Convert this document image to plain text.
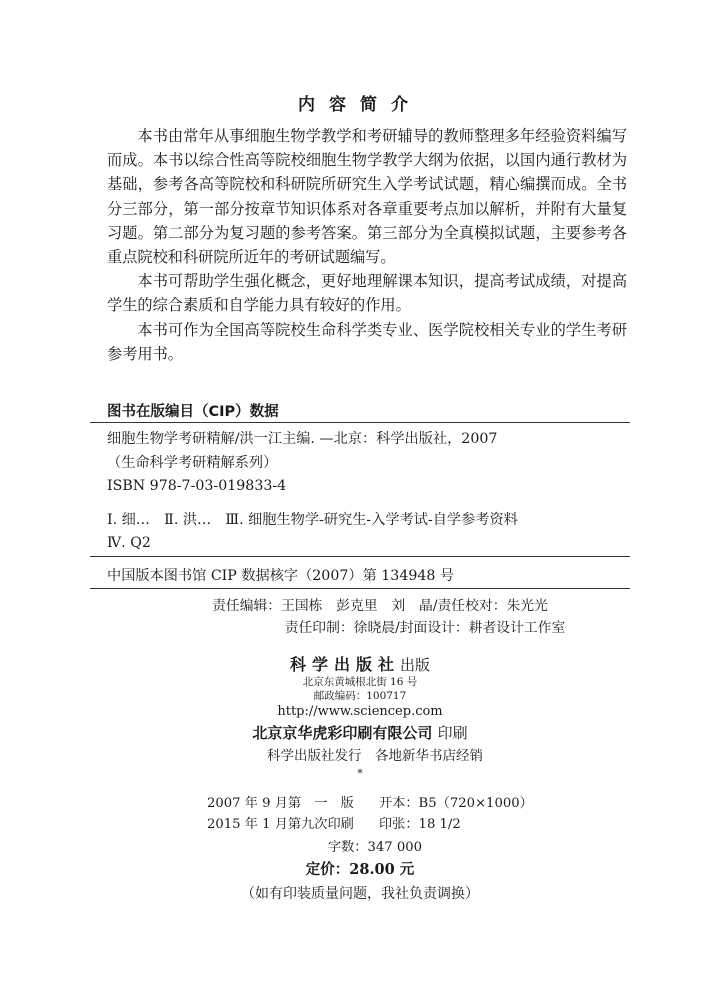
内容简介

本书由常年从事细胞生物学教学和考研辅导的教师整理多年经验资料编写而成。本书以综合性高等院校细胞生物学教学大纲为依据，以国内通行教材为基础，参考各高等院校和科研院所研究生入学考试试题，精心编撰而成。全书分三部分，第一部分按章节知识体系对各章重要考点加以解析，并附有大量复习题。第二部分为复习题的参考答案。第三部分为全真模拟试题，主要参考各重点院校和科研院所近年的考研试题编写。

本书可帮助学生强化概念，更好地理解课本知识，提高考试成绩，对提高学生的综合素质和自学能力具有较好的作用。

本书可作为全国高等院校生命科学类专业、医学院校相关专业的学生考研参考用书。

图书在版编目（CIP）数据
细胞生物学考研精解/洪一江主编. —北京：科学出版社，2007
（生命科学考研精解系列）
ISBN 978-7-03-019833-4
Ⅰ. 细…　Ⅱ. 洪…　Ⅲ. 细胞生物学-研究生-入学考试-自学参考资料
Ⅳ. Q2
中国版本图书馆 CIP 数据核字（2007）第 134948 号
责任编辑：王国栋　彭克里　刘　晶/责任校对：朱光光
责任印制：徐晓晨/封面设计：耕者设计工作室
科学出版社出版
北京东黄城根北街 16 号
邮政编码：100717
http://www.sciencep.com
北京京华虎彩印刷有限公司 印刷
科学出版社发行　各地新华书店经销
*
2007 年 9 月第　一　版	开本：B5（720×1000）
2015 年 1 月第九次印刷	印张：18 1/2
字数：347 000
定价：28.00 元
（如有印装质量问题，我社负责调换）
